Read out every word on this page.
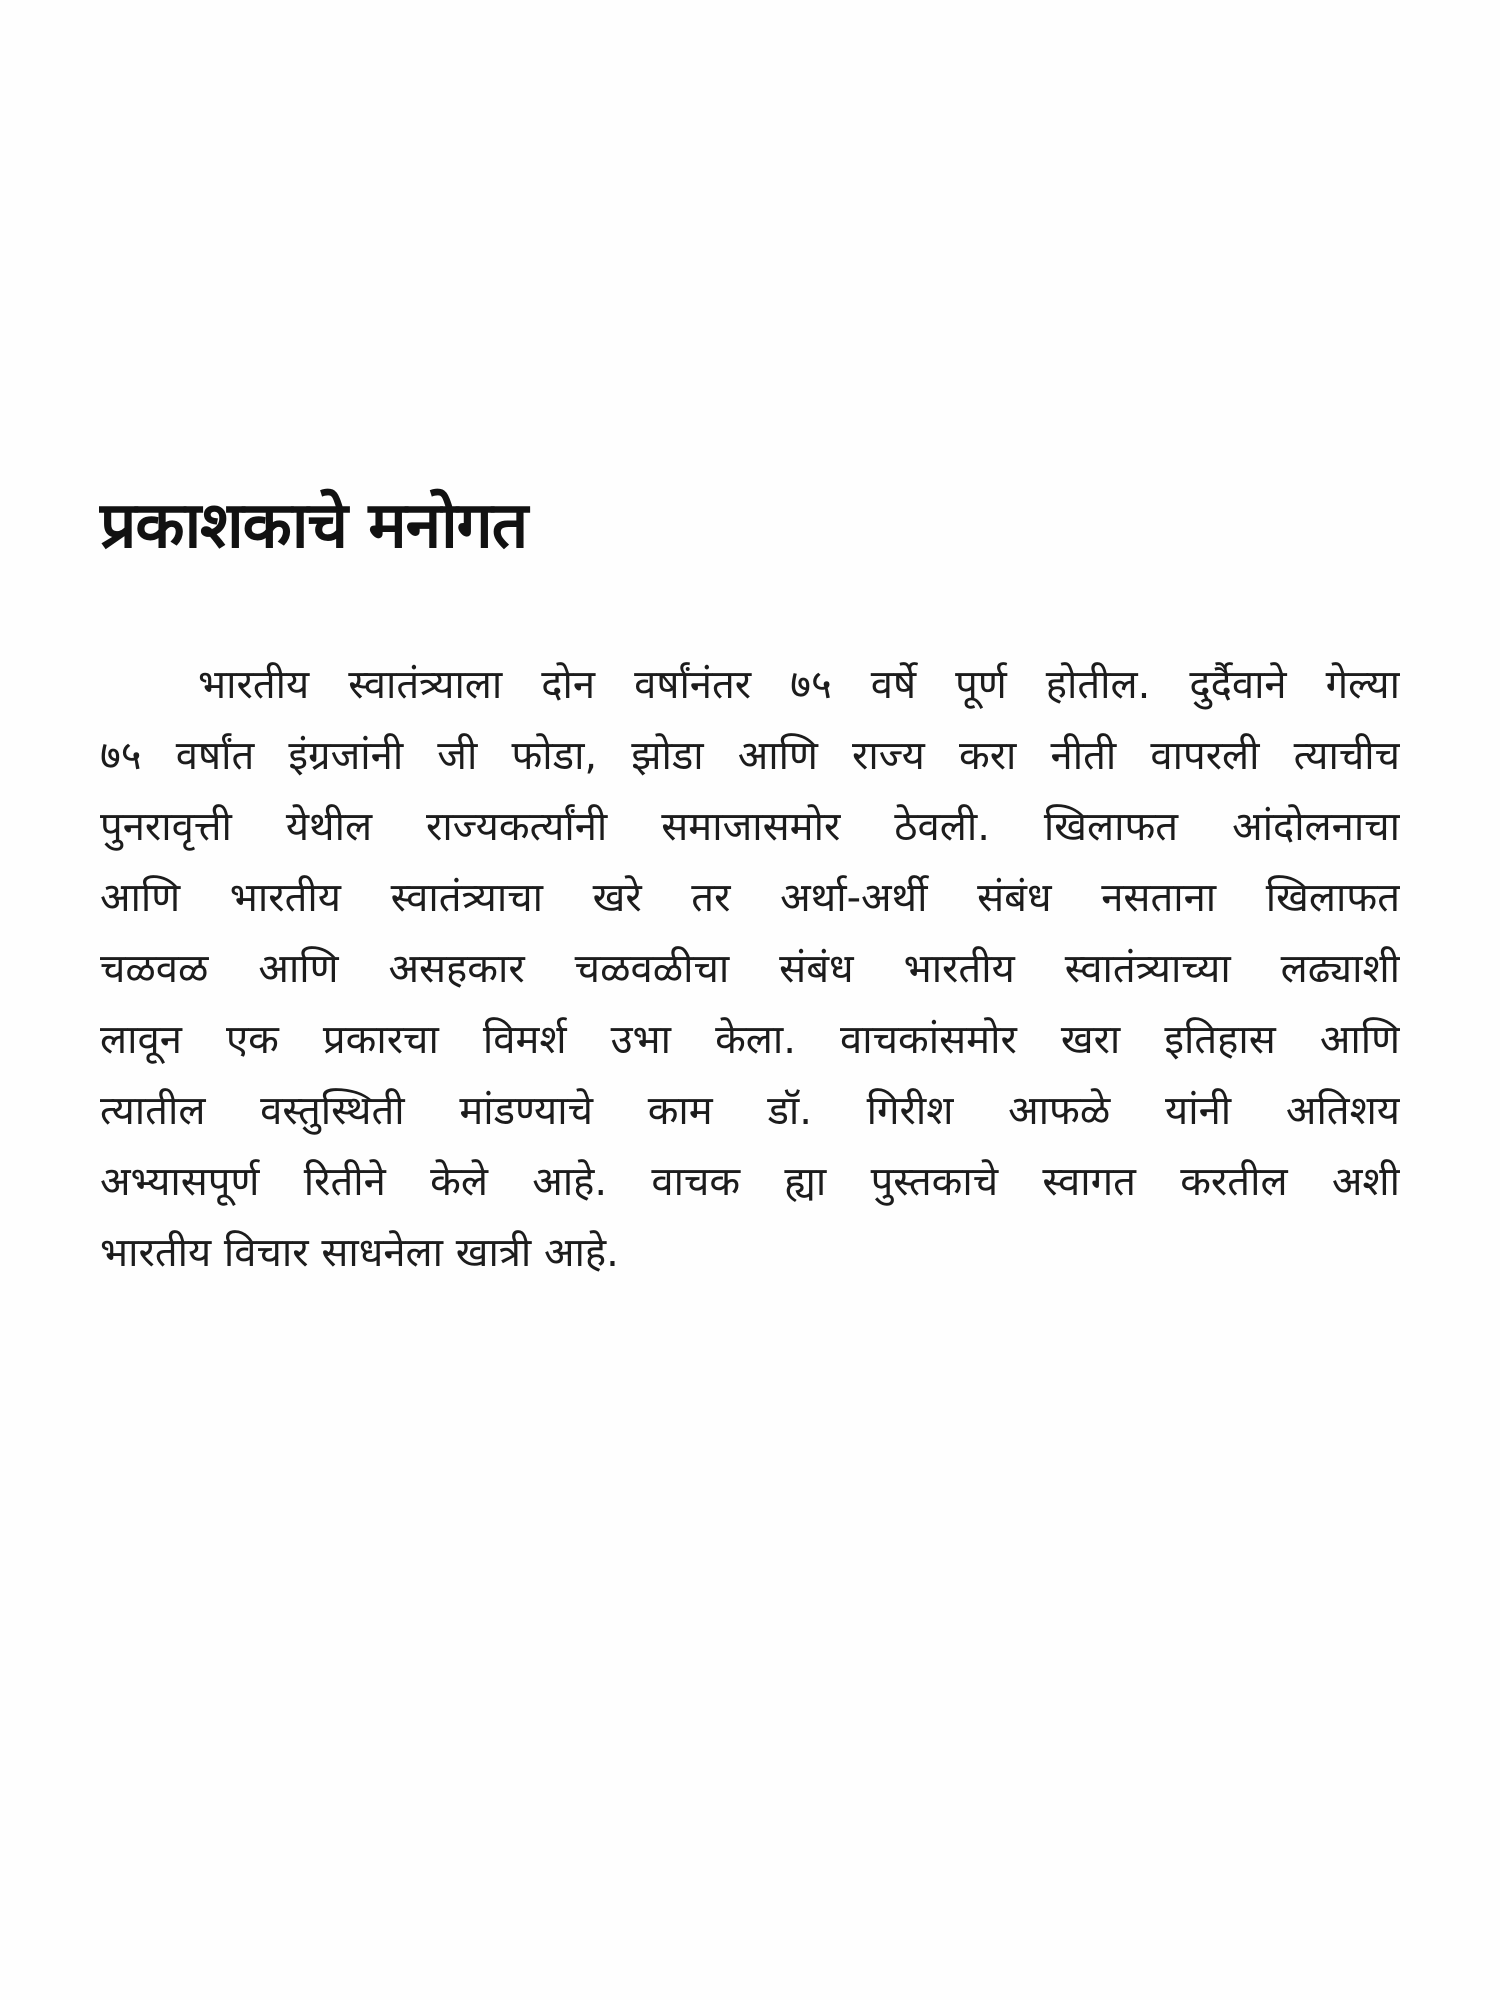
प्रकाशकाचे मनोगत
भारतीय स्वातंत्र्याला दोन वर्षांनंतर ७५ वर्षे पूर्ण होतील. दुर्दैवाने गेल्या
७५ वर्षांत इंग्रजांनी जी फोडा, झोडा आणि राज्य करा नीती वापरली त्याचीच
पुनरावृत्ती येथील राज्यकर्त्यांनी समाजासमोर ठेवली. खिलाफत आंदोलनाचा
आणि भारतीय स्वातंत्र्याचा खरे तर अर्था-अर्थी संबंध नसताना खिलाफत
चळवळ आणि असहकार चळवळीचा संबंध भारतीय स्वातंत्र्याच्या लढ्याशी
लावून एक प्रकारचा विमर्श उभा केला. वाचकांसमोर खरा इतिहास आणि
त्यातील वस्तुस्थिती मांडण्याचे काम डॉ. गिरीश आफळे यांनी अतिशय
अभ्यासपूर्ण रितीने केले आहे. वाचक ह्या पुस्तकाचे स्वागत करतील अशी
भारतीय विचार साधनेला खात्री आहे.
